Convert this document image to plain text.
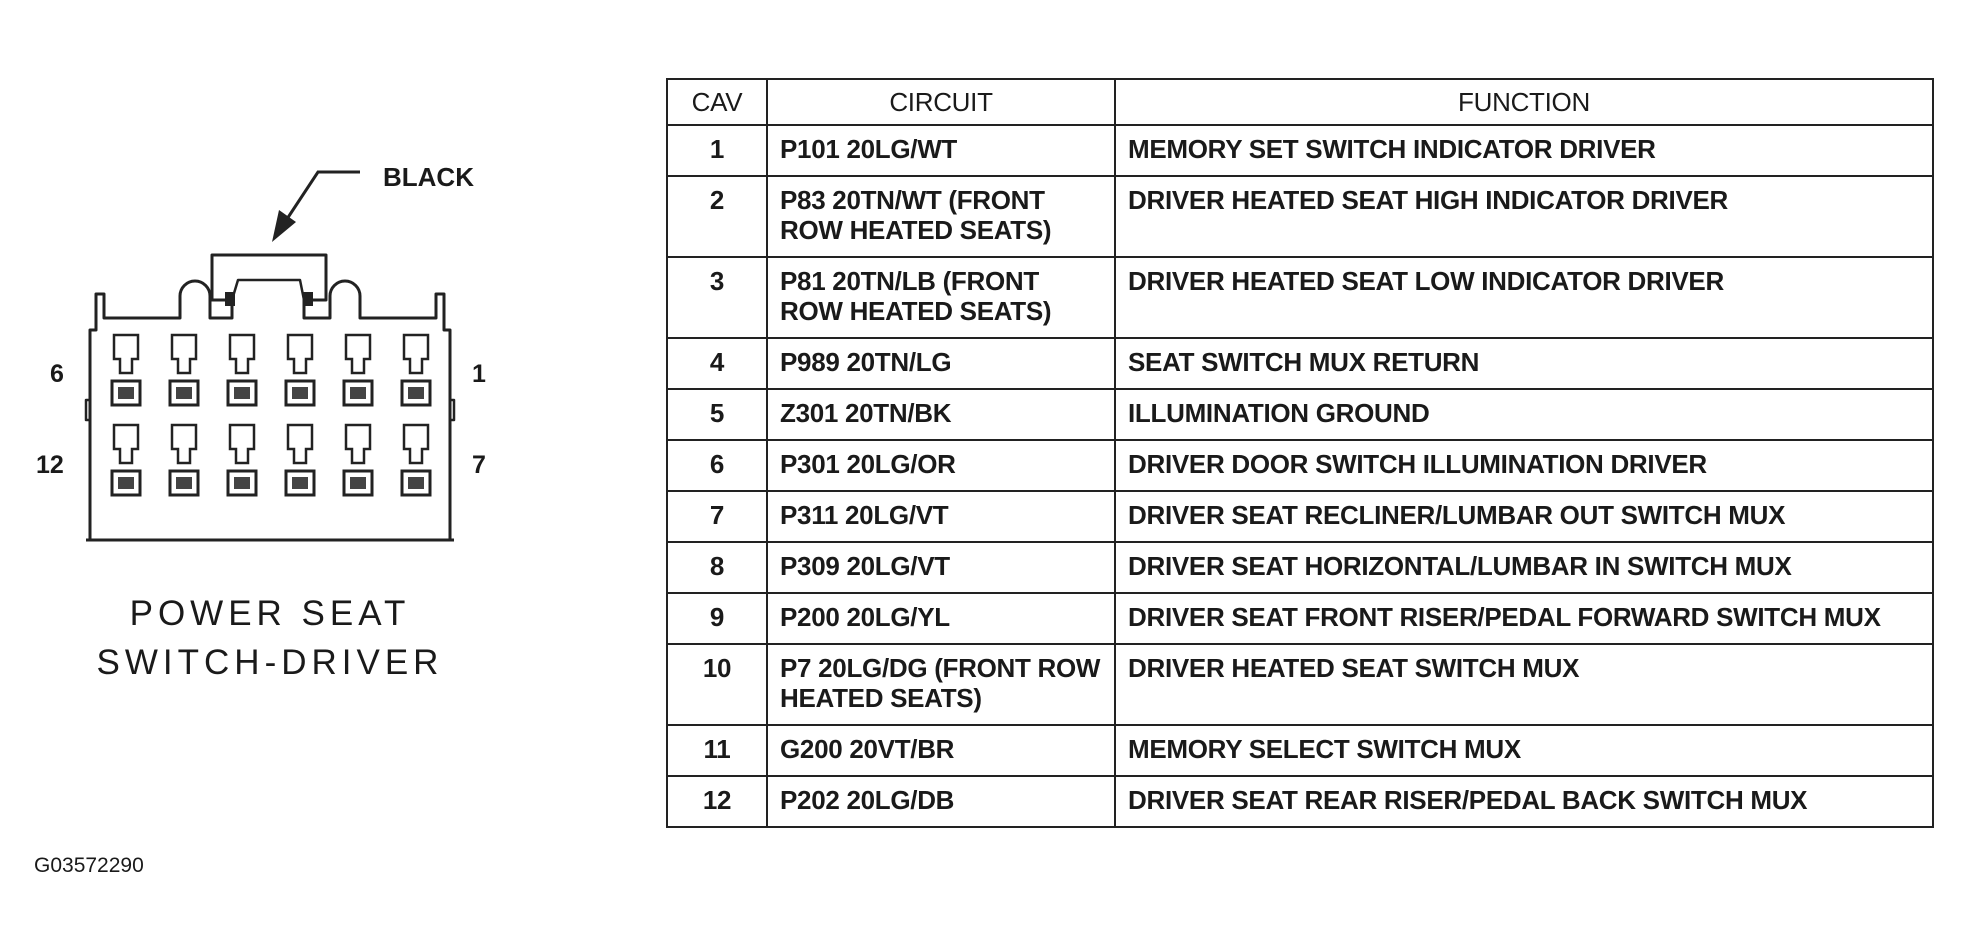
BLACK
6	1
12	7
POWER SEAT
SWITCH-DRIVER
CAV	CIRCUIT	FUNCTION
1	P101 20LG/WT	MEMORY SET SWITCH INDICATOR DRIVER
2	P83 20TN/WT (FRONT
ROW HEATED SEATS)	DRIVER HEATED SEAT HIGH INDICATOR DRIVER
3	P81 20TN/LB (FRONT
ROW HEATED SEATS)	DRIVER HEATED SEAT LOW INDICATOR DRIVER
4	P989 20TN/LG	SEAT SWITCH MUX RETURN
5	Z301 20TN/BK	ILLUMINATION GROUND
6	P301 20LG/OR	DRIVER DOOR SWITCH ILLUMINATION DRIVER
7	P311 20LG/VT	DRIVER SEAT RECLINER/LUMBAR OUT SWITCH MUX
8	P309 20LG/VT	DRIVER SEAT HORIZONTAL/LUMBAR IN SWITCH MUX
9	P200 20LG/YL	DRIVER SEAT FRONT RISER/PEDAL FORWARD SWITCH MUX
10	P7 20LG/DG (FRONT ROW
HEATED SEATS)	DRIVER HEATED SEAT SWITCH MUX
11	G200 20VT/BR	MEMORY SELECT SWITCH MUX
12	P202 20LG/DB	DRIVER SEAT REAR RISER/PEDAL BACK SWITCH MUX
G03572290
